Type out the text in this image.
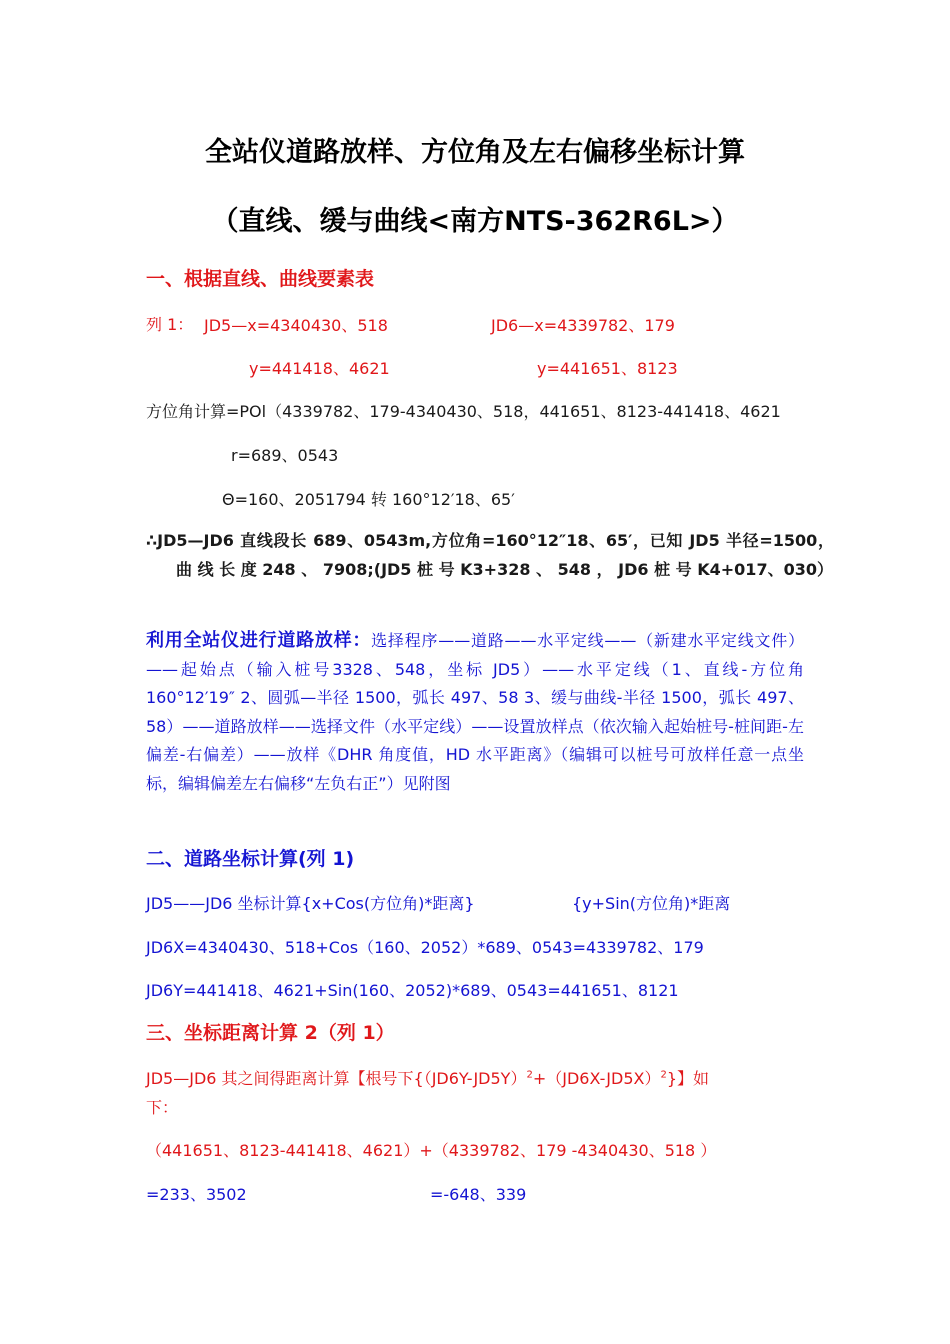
全站仪道路放样、方位角及左右偏移坐标计算
（直线、缓与曲线<南方NTS-362R6L>）
一、根据直线、曲线要素表
列 1： JD5—x=4340430、518	JD6—x=4339782、179
y=441418、4621	y=441651、8123
方位角计算=POl（4339782、179-4340430、518，441651、8123-441418、4621
r=689、0543
Θ=160、2051794 转 160°12′18、65′
∴JD5—JD6 直线段长 689、0543m,方位角=160°12″18、65′，已知 JD5 半径=1500， 曲 线 长 度 248 、 7908;(JD5 桩 号 K3+328 、 548 ， JD6 桩 号 K4+017、030）
利用全站仪进行道路放样：选择程序——道路——水平定线——（新建水平定线文件）——起始点（输入桩号3328、548，坐标 JD5）——水平定线（1、直线-方位角 160°12′19″ 2、圆弧—半径 1500，弧长 497、58 3、缓与曲线-半径 1500，弧长 497、58）——道路放样——选择文件（水平定线）——设置放样点（依次输入起始桩号-桩间距-左偏差-右偏差）——放样《DHR 角度值，HD 水平距离》（编辑可以桩号可放样任意一点坐标，编辑偏差左右偏移“左负右正”）见附图
二、道路坐标计算(列 1)
JD5——JD6 坐标计算{x+Cos(方位角)*距离}	{y+Sin(方位角)*距离
JD6X=4340430、518+Cos（160、2052）*689、0543=4339782、179
JD6Y=441418、4621+Sin(160、2052)*689、0543=441651、8121
三、坐标距离计算 2（列 1）
JD5—JD6 其之间得距离计算【根号下$\{(JD6Y-JD5Y)^2+(JD6X-JD5X)^2\}$】如
下：
（441651、8123-441418、4621）+（4339782、179 -4340430、518 ）
=233、3502	=-648、339
